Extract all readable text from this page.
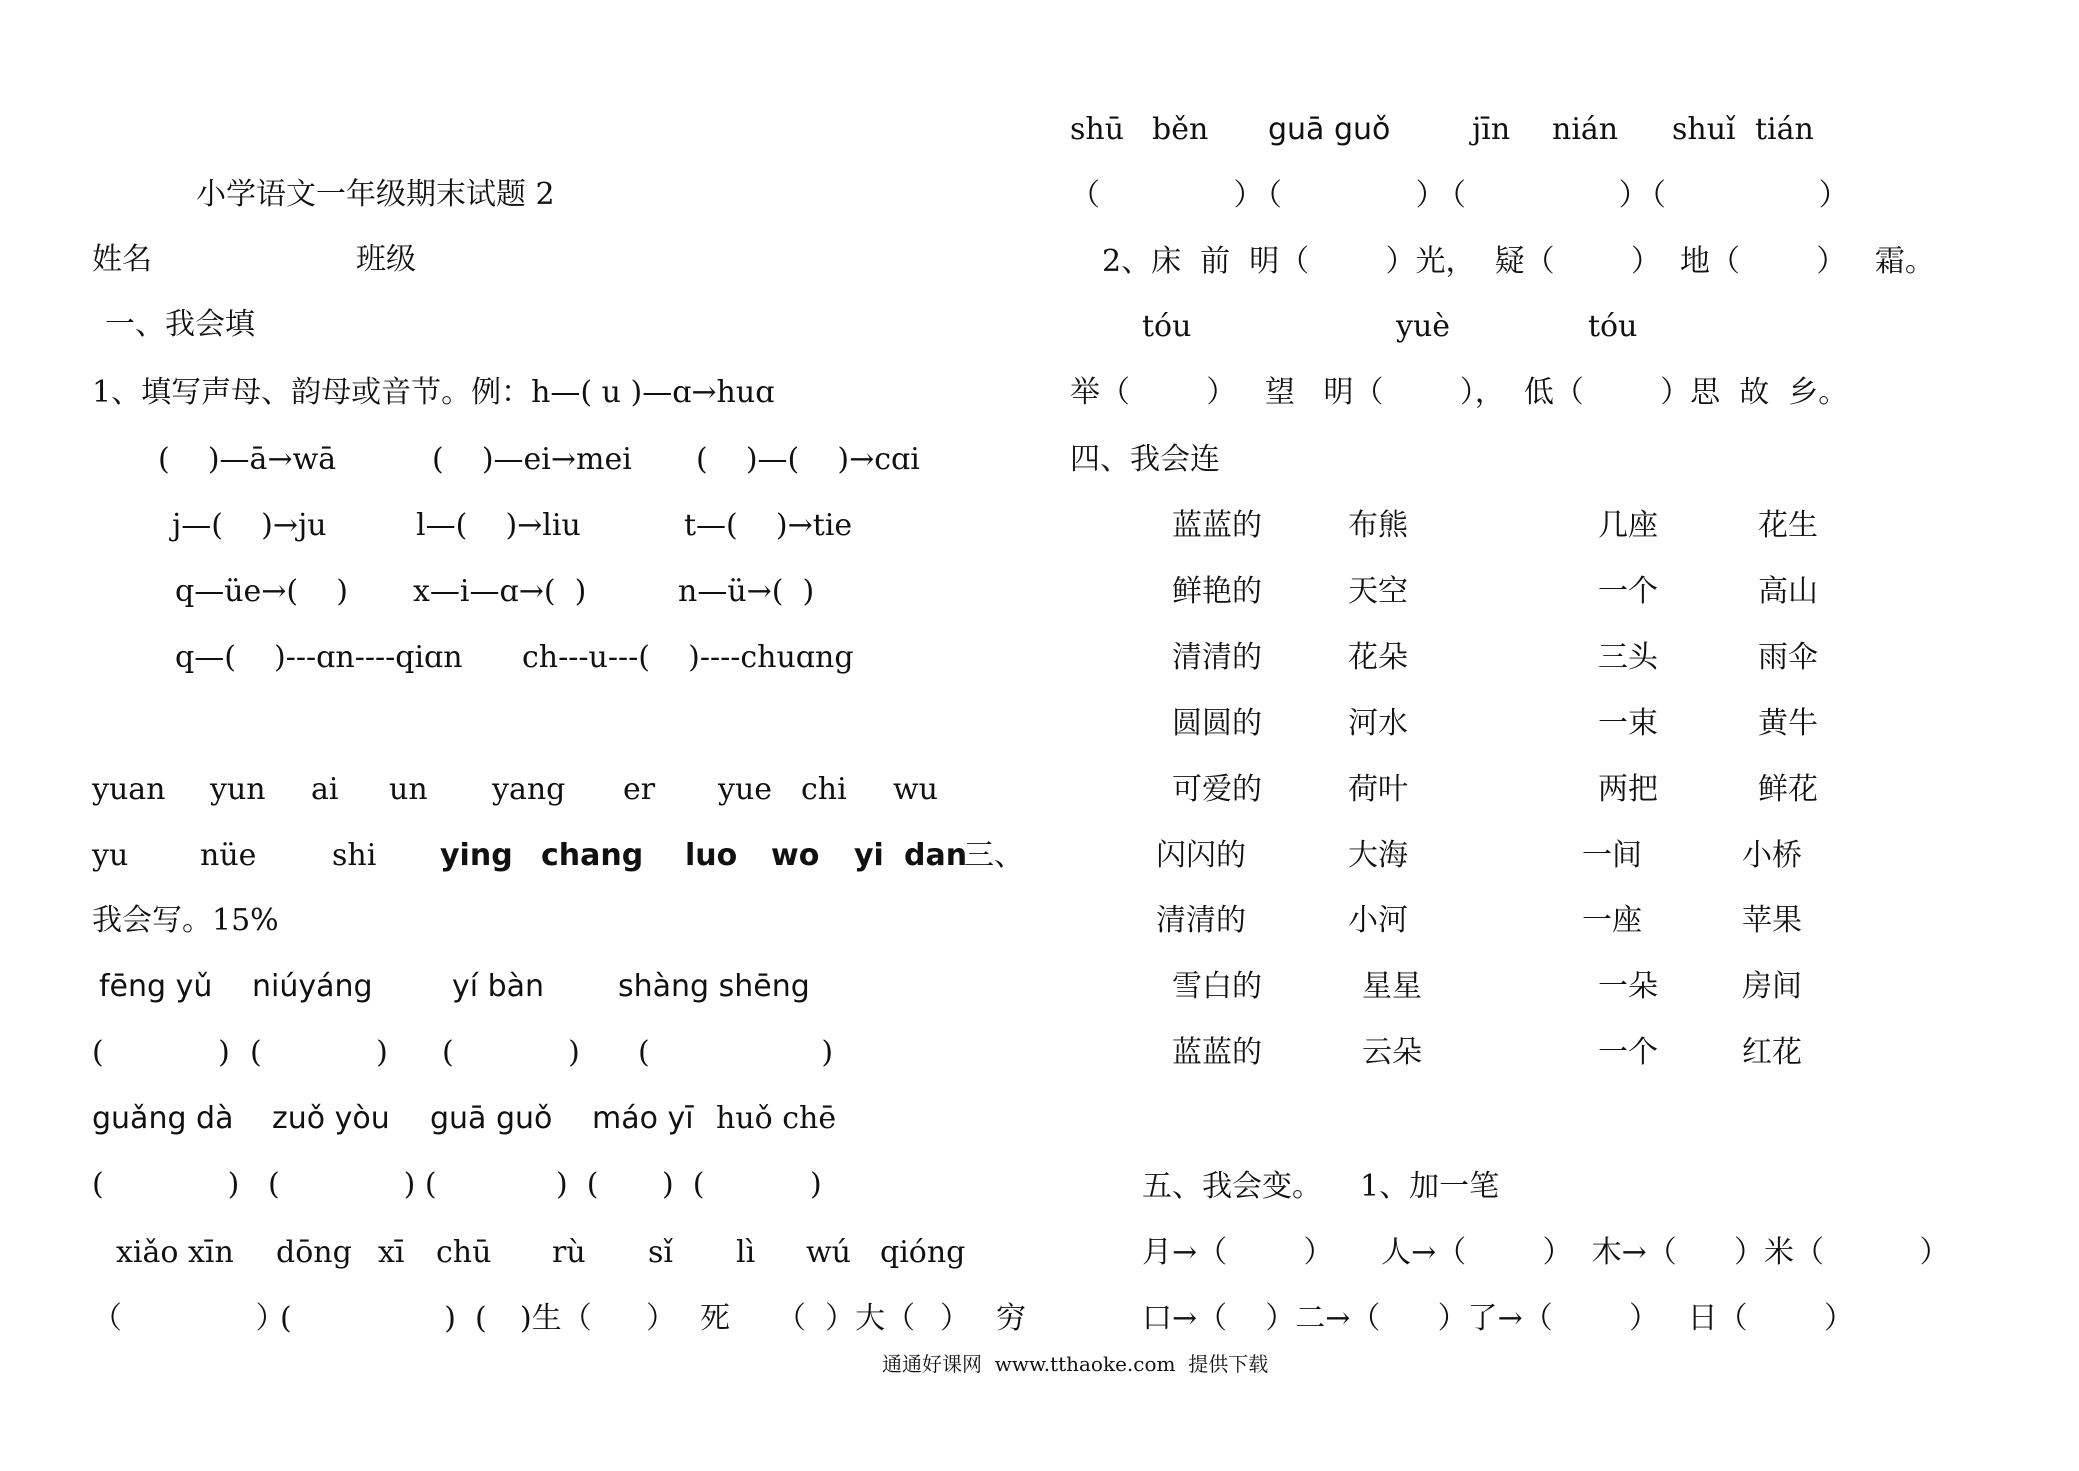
小学语文一年级期末试题 2
姓名	班级
一、我会填
1、填写声母、韵母或音节。例：h—( u )—ɑ→huɑ
(    )—ā→wā	(    )—ei→mei (    )—(    )→cɑi
j—(    )→ju	l—(    )→liu	t—(    )→tie
q—üe→(    ) x—i—ɑ→(  )	n—ü→(  )
q—(    )---ɑn----qiɑn ch---u---(    )----chuɑng
yuan yun ai un yang er yue chi wu
yu nüe	shi ying chang luo wo yi dan
三、
我会写。15%
fēng yǔ niúyáng	yí bàn shàng shēng
(            ) (            ) (            ) (                  )
guǎng dà zuǒ yòu guā guǒ máo yī huǒ chē
(             ) (             ) (	)  ( )  (	)
xiǎo xīn dōng xī chū rù sǐ lì wú qióng
（              ）
(                )  ( )生（ ） 死 （  ）大（ ） 穷
shū běn guā guǒ	jīn nián shuǐ tián
（              ）
（              ）
（                ）
（                ）
2、床  前  明（        ）光，  疑（        ）  地（        ）   霜。
tóu	yuè	tóu
举（        ）   望   明（        ），  低（        ）思  故  乡。
四、我会连
蓝蓝的	布熊	几座	花生
鲜艳的	天空	一个	高山
清清的	花朵	三头	雨伞
圆圆的	河水	一束	黄牛
可爱的	荷叶	两把	鲜花
闪闪的	大海	一间	小桥
清清的	小河	一座	苹果
雪白的	星星	一朵	房间
蓝蓝的	云朵	一个	红花
五、我会变。 1、加一笔
月→（        ）     人→（        ）  木→（      ）米（          ）
口→（    ）二→（      ）了→（        ）   日（        ）
通通好课网  www.tthaoke.com  提供下载
